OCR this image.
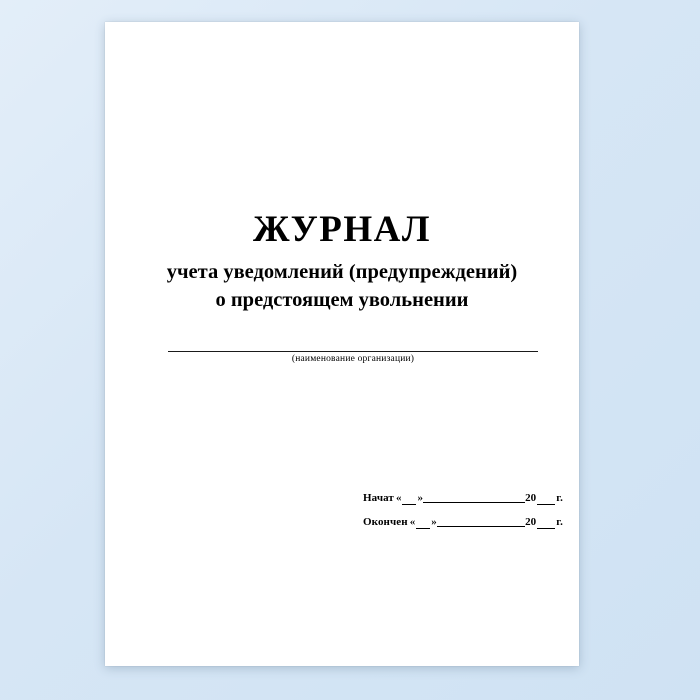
ЖУРНАЛ
учета уведомлений (предупреждений)
о предстоящем увольнении
(наименование организации)
Начат « »	20 г.
Окончен « »	20 г.
